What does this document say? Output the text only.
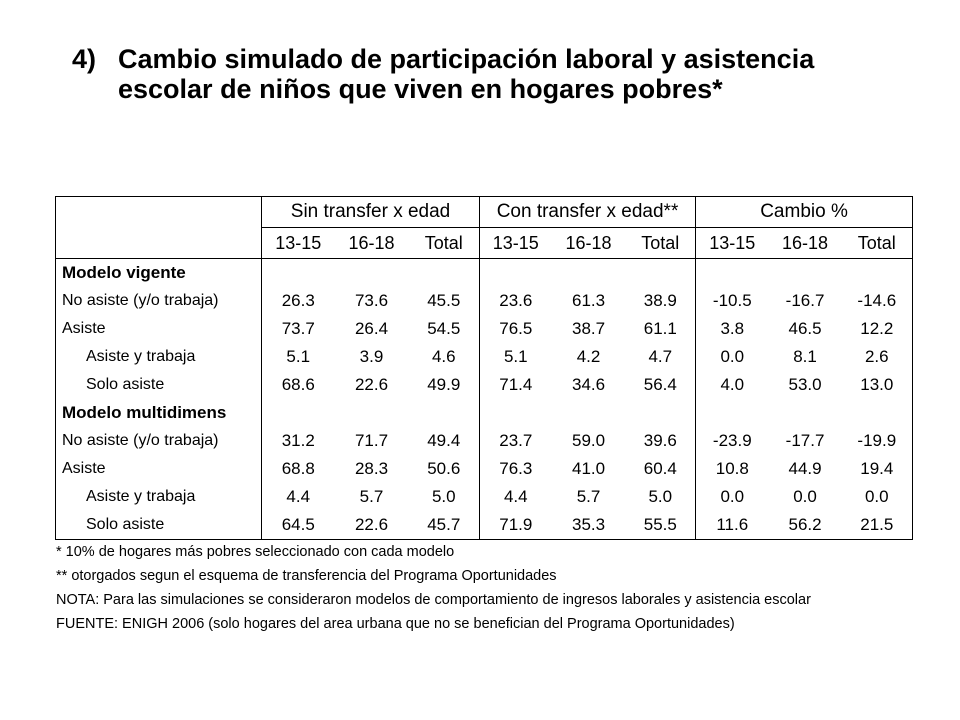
4) Cambio simulado de participación laboral y asistencia
escolar de niños que viven en hogares pobres*
	Sin transfer x edad			Con transfer x edad**			Cambio %		
	13-15	16-18	Total	13-15	16-18	Total	13-15	16-18	Total
Modelo vigente									
No asiste (y/o trabaja)	26.3	73.6	45.5	23.6	61.3	38.9	-10.5	-16.7	-14.6
Asiste	73.7	26.4	54.5	76.5	38.7	61.1	3.8	46.5	12.2
Asiste y trabaja	5.1	3.9	4.6	5.1	4.2	4.7	0.0	8.1	2.6
Solo asiste	68.6	22.6	49.9	71.4	34.6	56.4	4.0	53.0	13.0
Modelo multidimens									
No asiste (y/o trabaja)	31.2	71.7	49.4	23.7	59.0	39.6	-23.9	-17.7	-19.9
Asiste	68.8	28.3	50.6	76.3	41.0	60.4	10.8	44.9	19.4
Asiste y trabaja	4.4	5.7	5.0	4.4	5.7	5.0	0.0	0.0	0.0
Solo asiste	64.5	22.6	45.7	71.9	35.3	55.5	11.6	56.2	21.5
* 10% de hogares más pobres seleccionado con cada modelo
** otorgados segun el esquema de transferencia del Programa Oportunidades
NOTA: Para las simulaciones se consideraron modelos de comportamiento de ingresos laborales y asistencia escolar
FUENTE: ENIGH 2006 (solo hogares del area urbana que no se benefician del Programa Oportunidades)
